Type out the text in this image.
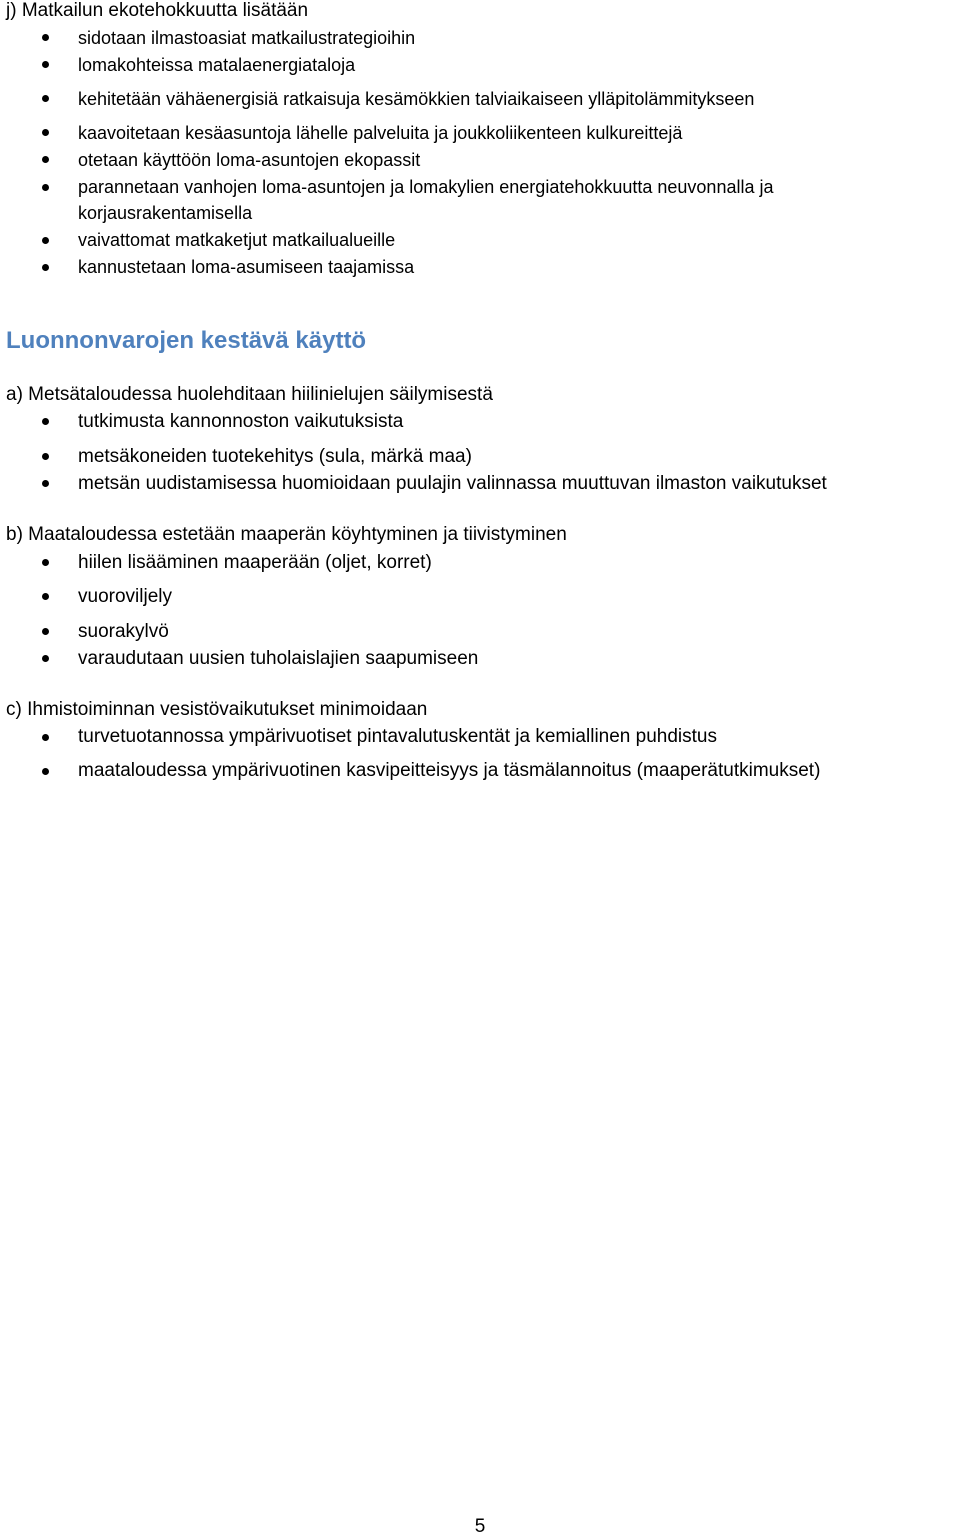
j) Matkailun ekotehokkuutta lisätään
sidotaan ilmastoasiat matkailustrategioihin
lomakohteissa matalaenergiataloja
kehitetään vähäenergisiä ratkaisuja kesämökkien talviaikaiseen ylläpitolämmitykseen
kaavoitetaan kesäasuntoja lähelle palveluita ja joukkoliikenteen kulkureittejä
otetaan käyttöön loma-asuntojen ekopassit
parannetaan vanhojen loma-asuntojen ja lomakylien energiatehokkuutta neuvonnalla ja
korjausrakentamisella
vaivattomat matkaketjut matkailualueille
kannustetaan loma-asumiseen taajamissa
Luonnonvarojen kestävä käyttö
a) Metsätaloudessa huolehditaan hiilinielujen säilymisestä
tutkimusta kannonnoston vaikutuksista
metsäkoneiden tuotekehitys (sula, märkä maa)
metsän uudistamisessa huomioidaan puulajin valinnassa muuttuvan ilmaston vaikutukset
b) Maataloudessa estetään maaperän köyhtyminen ja tiivistyminen
hiilen lisääminen maaperään (oljet, korret)
vuoroviljely
suorakylvö
varaudutaan uusien tuholaislajien saapumiseen
c) Ihmistoiminnan vesistövaikutukset minimoidaan
turvetuotannossa ympärivuotiset pintavalutuskentät ja kemiallinen puhdistus
maataloudessa ympärivuotinen kasvipeitteisyys ja täsmälannoitus (maaperätutkimukset)
5
